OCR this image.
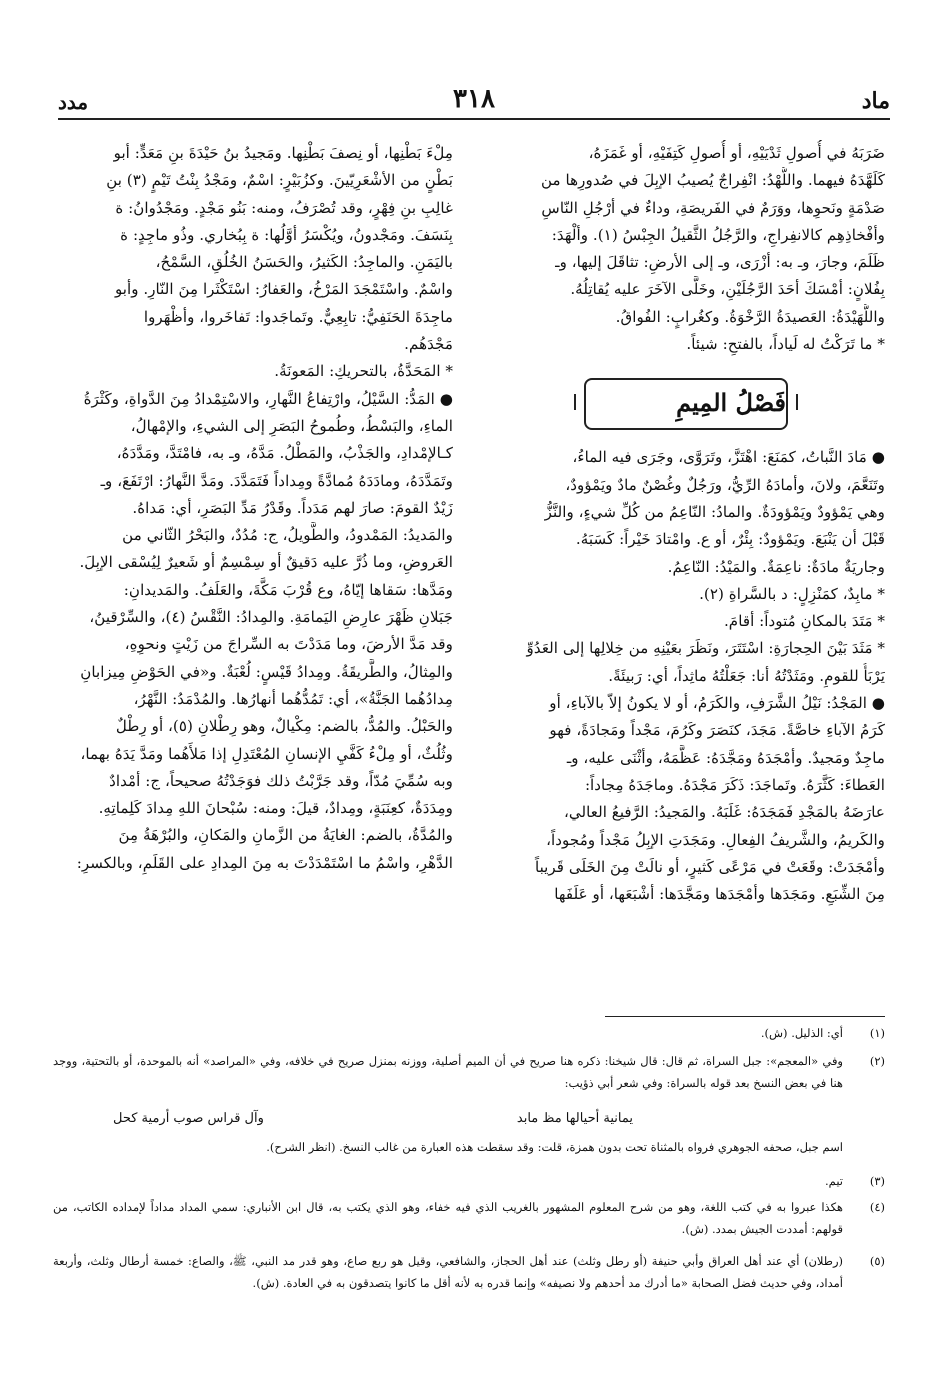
ماد
٣١٨
مدد

ضَرَبَهُ في أُصولِ ثَدْيَيْهِ، أو أُصولِ كَتِفَيْهِ، أو غَمَزَهُ،
كَلَهَّدَهُ فيهما. واللُّهْدُ: انْفِراجٌ يُصيبُ الإبِلَ في صُدورِها من
صَدْمَةٍ ونَحوِها، ووَرَمٌ في الفَريصَةِ، وداءٌ في أرْجُلِ النّاسِ
وأفْخاذِهِم كالانفِراجِ، والرَّجُلُ الثَّقيلُ الجِبْسُ (١). وألْهَدَ:
ظَلَمَ، وجارَ، وـ به: أزْرَى، وـ إلى الأرضِ: تثاقَلَ إليها، وـ
بِفُلانٍ: أمْسَكَ أحَدَ الرَّجُلَيْنِ، وخَلَّى الآخَرَ عليه يُقاتِلُهُ.
واللُّهَيْدَةُ: العَصيدَةُ الرَّخْوَةُ. وكغُرابٍ: الفُواقُ.
* ما تَرَكْتُ له لَياداً، بالفتحِ: شيئاً.

فَصْلُ المِيمِ

● مَادَ النَّباتُ، كمَنَعَ: اهْتَزَّ، وتَرَوَّى، وجَرَى فيه الماءُ،
وتَنَعَّمَ، ولانَ، وأمادَهُ الرِّيُّ، ورَجُلٌ وغُصْنٌ مادٌ ويَمْؤودٌ،
وهي يَمْؤودٌ ويَمْؤودَةٌ. والمادُ: النّاعِمُ من كُلِّ شيءٍ، والنَّزُّ
قَبْلَ أن يَنْبَعَ. ويَمْؤودٌ: بِئْرٌ، أو ع. وامْتادَ خَيْراً: كَسَبَهُ.
وجاريَةٌ مادَةٌ: ناعِمَةٌ. والمَيْدُ: النّاعِمُ.
* مابِدٌ، كمَنْزِلٍ: د بالسَّراةِ (٢).
* مَتَدَ بالمكانِ مُتوداً: أقامَ.
* مَثَدَ بَيْنَ الحِجارَةِ: اسْتَتَرَ، ونَظَرَ بعَيْنِهِ من خِلالِها إلى العَدُوِّ
يَرْبَأُ للقومِ. ومَثَدْتُهُ أنا: جَعَلْتُهُ ماثِداً، أي: رَبيئَةً.
● المَجْدُ: نَيْلُ الشَّرَفِ، والكَرَمُ، أو لا يكونُ إلاّ بالآباءِ، أو
كَرَمُ الآباءِ خاصَّةً. مَجَدَ، كنَصَرَ وكَرُمَ، مَجْداً ومَجادَةً، فهو
ماجِدٌ ومَجيدٌ. وأمْجَدَهُ ومَجَّدَهُ: عَظَّمَهُ، وأثْنَى عليه، وـ
العَطاءَ: كَثَّرَهُ. وتَماجَدَ: ذَكَرَ مَجْدَهُ. وماجَدَهُ مِجاداً:
عارَضَهُ بالمَجْدِ فَمَجَدَهُ: غَلَبَهُ. والمَجيدُ: الرَّفيعُ العالي،
والكَريمُ، والشَّريفُ الفِعالِ. ومَجَدَتِ الإبِلُ مَجْداً ومُجوداً،
وأمْجَدَتْ: وقَعَتْ في مَرْعًى كَثيرٍ، أو نالَتْ مِنَ الخَلَى قَريباً
مِنَ الشِّبَعِ. ومَجَدَها وأمْجَدَها ومَجَّدَها: أشْبَعَها، أو عَلَفَها

مِلْءَ بَطْنِها، أو نِصفَ بَطْنِها. ومَجيدُ بنُ حَيْدَةَ بنِ مَعَدٍّ: أبو
بَطْنٍ من الأشْعَرِيّينَ. وكزُبَيْرٍ: اسْمٌ، ومَجْدُ بِنْتُ تَيْمٍ (٣) بنِ
غالِبِ بنِ فِهْرٍ، وقد تُصْرَفُ، ومنه: بَنُو مَجْدٍ. ومَجْدُوانُ: ة
بِنَسَفَ. ومَجْدونُ، ويُكْسَرُ أوَّلُها: ة بِبُخاري. وذُو ماجِدٍ: ة
باليَمَنِ. والماجِدُ: الكَثيرُ، والحَسَنُ الخُلُقِ، السَّمْحُ،
واسْمٌ. واسْتَمْجَدَ المَرْخُ، والعَفارُ: اسْتَكْثَرا مِنَ النّارِ. وأبو
ماجِدَةَ الحَنَفِيُّ: تابِعِيٌّ. وتَماجَدوا: تَفاخَروا، وأظْهَروا
مَجْدَهُم.
* المَحَدَّةُ، بالتحريكِ: المَعونَةُ.
● المَدُّ: السَّيْلُ، وارْتِفاعُ النَّهارِ، والاسْتِمْدادُ مِنَ الدَّواةِ، وكَثْرَةُ
الماءِ، والبَسْطُ، وطُموحُ البَصَرِ إلى الشيءِ، والإمْهالُ،
كـالإمْدادِ، والجَذْبُ، والمَطْلُ. مَدَّهُ، وـ به، فامْتَدَّ، ومَدَّدَهُ،
وتَمَدَّدَهُ، ومادَدَهُ مُمادَّةً ومِداداً فَتَمَدَّدَ. ومَدَّ النَّهارُ: ارْتَفَعَ، وـ
زَيْدٌ القومَ: صارَ لهم مَدَداً. وقَدْرُ مَدِّ البَصَرِ، أي: مَداهُ.
والمَديدُ: المَمْدودُ، والطَّويلُ، ج: مُدُدٌ، والبَحْرُ الثّاني من
العَروضِ، وما ذُرَّ عليه دَقيقٌ أو سِمْسِمٌ أو شَعيرٌ لِيُسْقى الإبِلَ.
ومَدَّها: سَقاها إيّاهُ، وع قُرْبَ مَكَّةَ، والعَلَفُ. والمَديدانِ:
جَبَلانِ ظَهْرَ عارِضِ اليَمامَةِ. والمِدادُ: النَّقْسُ (٤)، والسِّرْقينُ،
وقد مَدَّ الأرضَ، وما مَدَدْتَ به السِّراجَ من زَيْتٍ ونحوِهِ،
والمِثالُ، والطَّريقَةُ. ومِدادُ قَيْسٍ: لُعْبَةٌ. و«في الحَوْضِ مِيزابانِ
مِدادُهُما الجَنَّةُ»، أي: تَمُدُّهُما أنهارُها. والمُدْمَدُ: النَّهْرُ،
والحَبْلُ. والمُدُّ، بالضم: مِكْيالٌ، وهو رِطْلانِ (٥)، أو رِطْلٌ
وثُلُثٌ، أو مِلْءُ كَفَّيِ الإنسانِ المُعْتَدِلِ إذا مَلأَهُما ومَدَّ يَدَهُ بهما،
وبه سُمِّيَ مُدّاً، وقد جَرَّبْتُ ذلك فوَجَدْتُهُ صحيحاً، ج: أمْدادٌ
ومِدَدَةٌ، كعِنَبَةٍ، ومِدادٌ، قيلَ: ومنه: سُبْحانَ اللهِ مِدادَ كَلِماتِهِ.
والمُدَّةُ، بالضم: الغايَةُ من الزَّمانِ والمَكانِ، والبُرْهَةُ مِنَ
الدَّهْرِ، واسْمُ ما اسْتَمْدَدْتَ به مِنَ المِدادِ على القَلَمِ، وبالكسرِ:

(١)
أي: الذليل. (ش).
(٢)
وفي «المعجم»: جبل السراة، ثم قال: قال شيخنا: ذكره هنا صريح في أن الميم أصلية، ووزنه بمنزل صريح في خلافه، وفي «المراصد» أنه بالموحدة، أو بالتحتية، ووجد هنا في بعض النسخ بعد قوله بالسراة: وفي شعر أبي ذؤيب:
يمانية أحيالها مظ مابد
وآل قراس صوب أرمية كحل
اسم جبل، صحفه الجوهري فرواه بالمثناة تحت بدون همزة، قلت: وقد سقطت هذه العبارة من غالب النسخ. (انظر الشرح).
(٣)
تيم.
(٤)
هكذا عبروا به في كتب اللغة، وهو من شرح المعلوم المشهور بالغريب الذي فيه خفاء، وهو الذي يكتب به، قال ابن الأنباري: سمي المداد مداداً لإمداده الكاتب، من قولهم: أمددت الجيش بمدد. (ش).
(٥)
(رطلان) أي عند أهل العراق وأبي حنيفة (أو رطل وثلث) عند أهل الحجاز، والشافعي، وقيل هو ربع صاع، وهو قدر مد النبي، ﷺ، والصاع: خمسة أرطال وثلث، وأربعة أمداد، وفي حديث فضل الصحابة «ما أدرك مد أحدهم ولا نصيفه» وإنما قدره به لأنه أقل ما كانوا يتصدقون به في العادة. (ش).
